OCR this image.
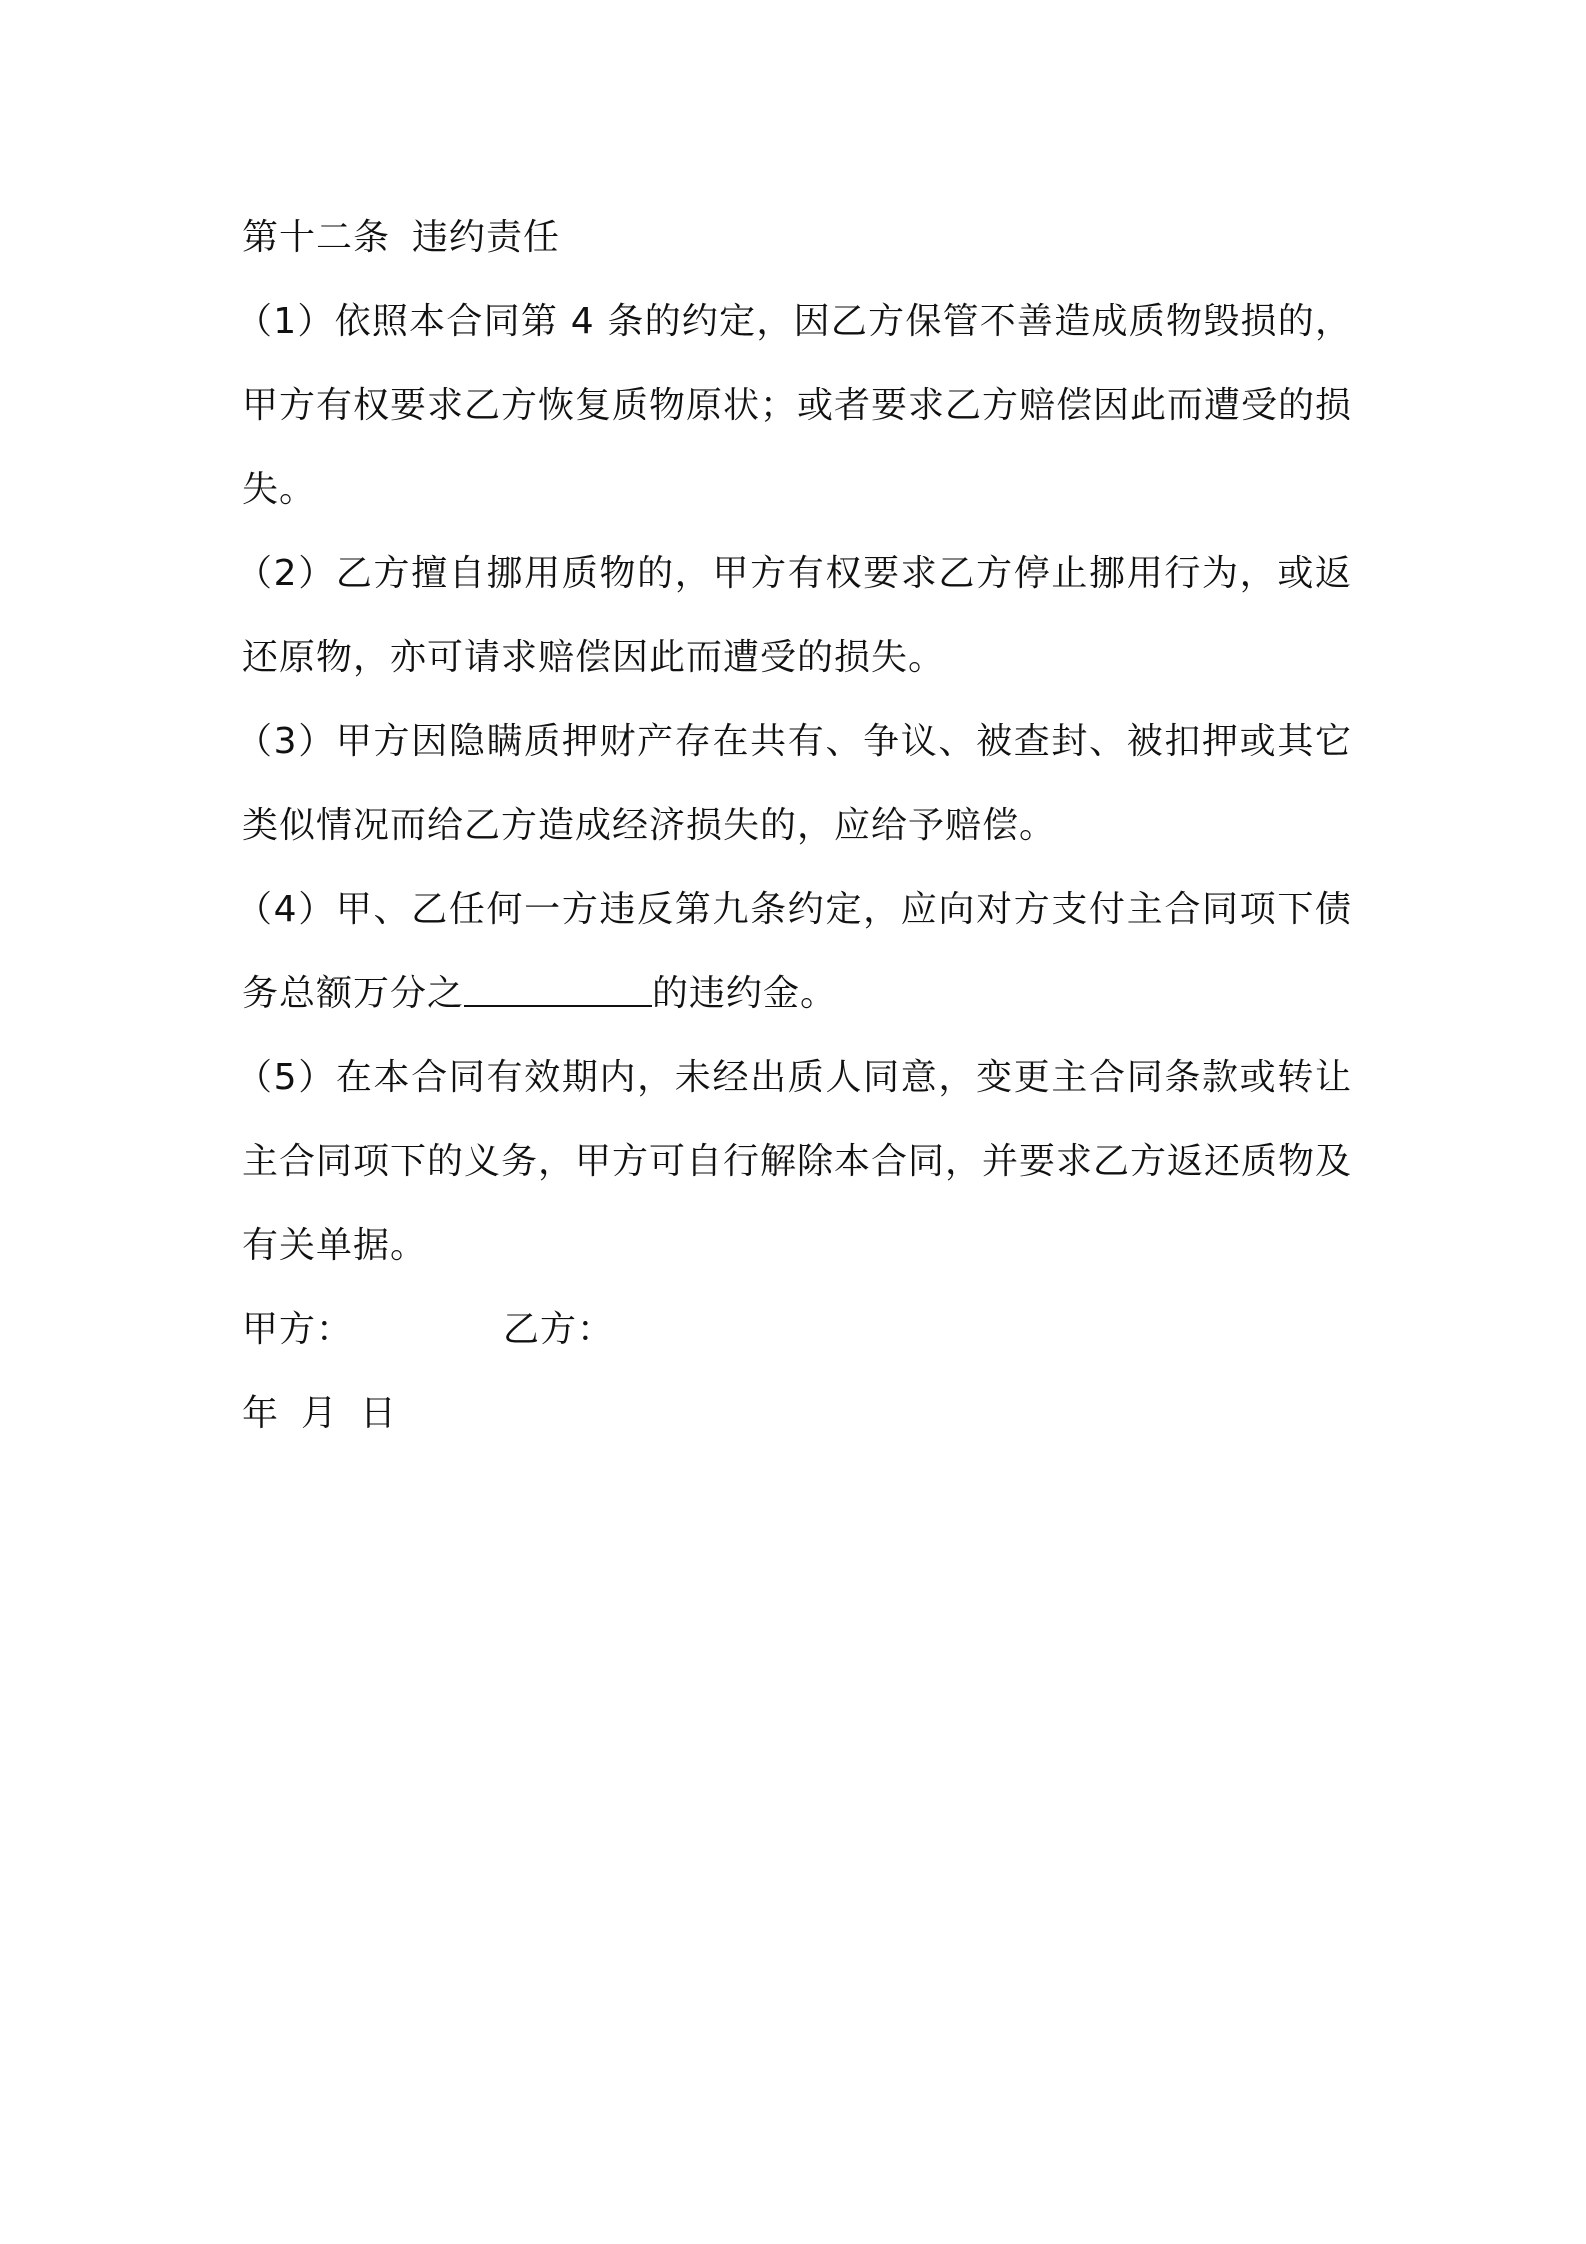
第十二条 违约责任

（1）依照本合同第 4 条的约定，因乙方保管不善造成质物毁损的，甲方有权要求乙方恢复质物原状；或者要求乙方赔偿因此而遭受的损失。

（2）乙方擅自挪用质物的，甲方有权要求乙方停止挪用行为，或返还原物，亦可请求赔偿因此而遭受的损失。

（3）甲方因隐瞒质押财产存在共有、争议、被查封、被扣押或其它类似情况而给乙方造成经济损失的，应给予赔偿。

（4）甲、乙任何一方违反第九条约定，应向对方支付主合同项下债务总额万分之	的违约金。

（5）在本合同有效期内，未经出质人同意，变更主合同条款或转让主合同项下的义务，甲方可自行解除本合同，并要求乙方返还质物及有关单据。

甲方：	乙方：

年 月 日
